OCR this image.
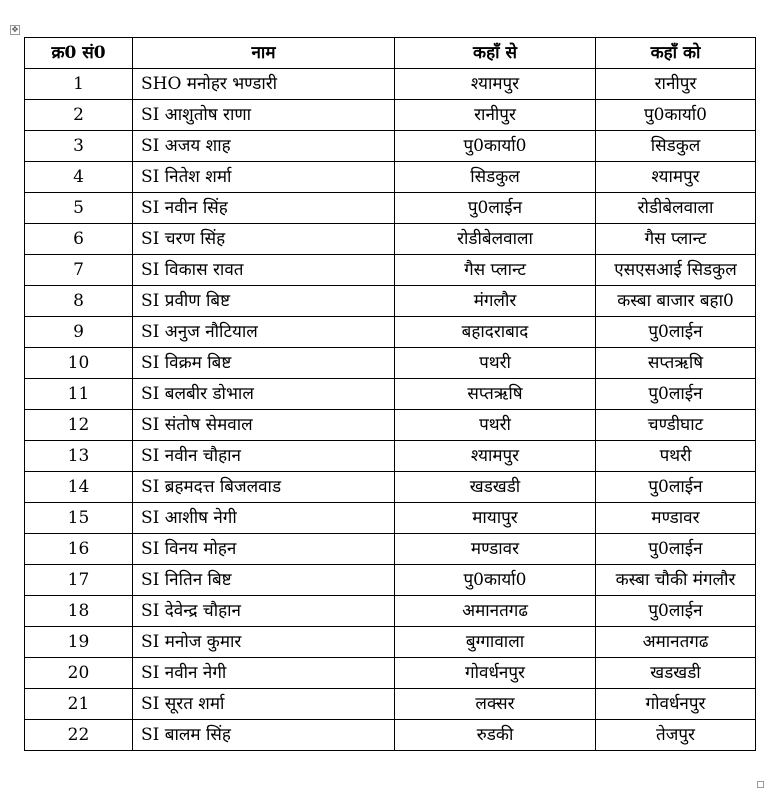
✥
क्र0 सं0	नाम	कहाँ से	कहाँ को
1	SHO मनोहर भण्डारी	श्यामपुर	रानीपुर
2	SI आशुतोष राणा	रानीपुर	पु0कार्या0
3	SI अजय शाह	पु0कार्या0	सिडकुल
4	SI नितेश शर्मा	सिडकुल	श्यामपुर
5	SI नवीन सिंह	पु0लाईन	रोडीबेलवाला
6	SI चरण सिंह	रोडीबेलवाला	गैस प्लान्ट
7	SI विकास रावत	गैस प्लान्ट	एसएसआई सिडकुल
8	SI प्रवीण बिष्ट	मंगलौर	कस्बा बाजार बहा0
9	SI अनुज नौटियाल	बहादराबाद	पु0लाईन
10	SI विक्रम बिष्ट	पथरी	सप्तऋषि
11	SI बलबीर डोभाल	सप्तऋषि	पु0लाईन
12	SI संतोष सेमवाल	पथरी	चण्डीघाट
13	SI नवीन चौहान	श्यामपुर	पथरी
14	SI ब्रहमदत्त बिजलवाड	खडखडी	पु0लाईन
15	SI आशीष नेगी	मायापुर	मण्डावर
16	SI विनय मोहन	मण्डावर	पु0लाईन
17	SI नितिन बिष्ट	पु0कार्या0	कस्बा चौकी मंगलौर
18	SI देवेन्द्र चौहान	अमानतगढ	पु0लाईन
19	SI मनोज कुमार	बुग्गावाला	अमानतगढ
20	SI नवीन नेगी	गोवर्धनपुर	खडखडी
21	SI सूरत शर्मा	लक्सर	गोवर्धनपुर
22	SI बालम सिंह	रुडकी	तेजपुर
